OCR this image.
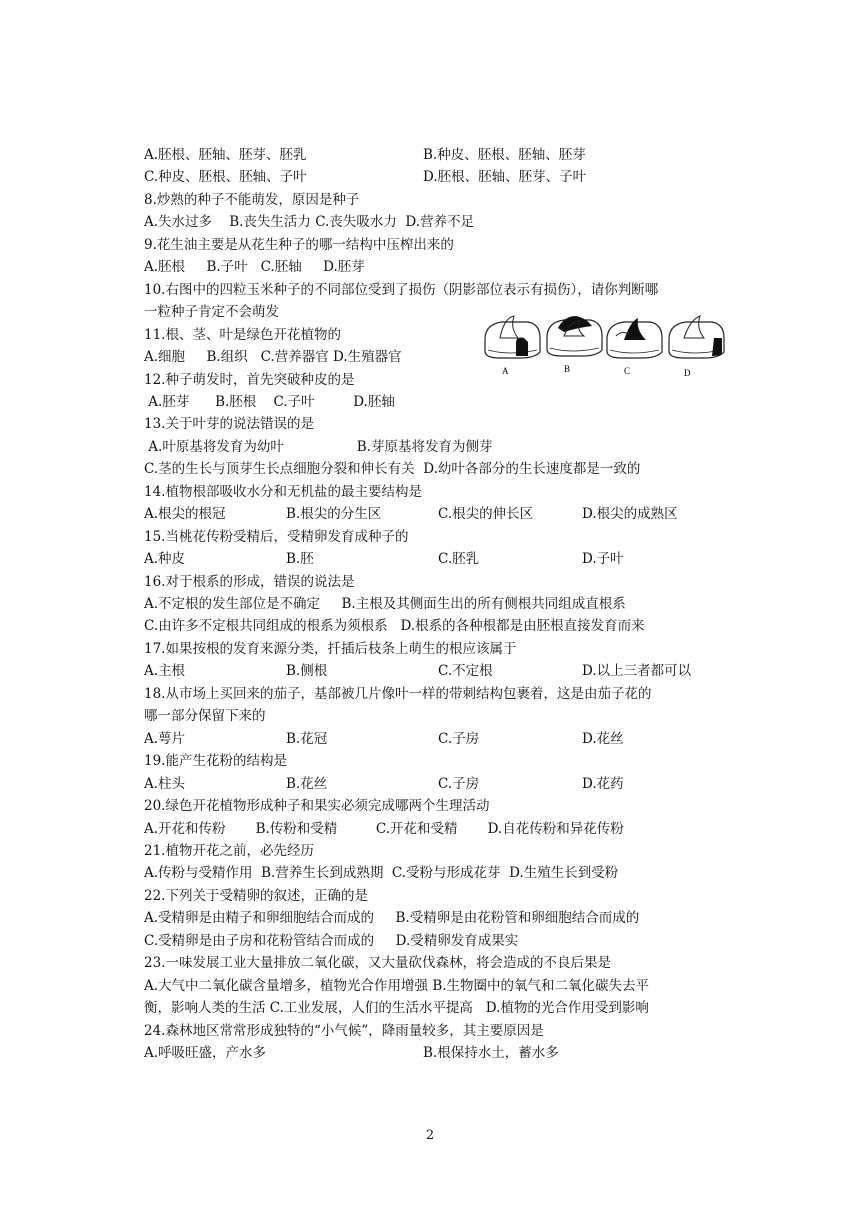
A.胚根、胚轴、胚芽、胚乳	B.种皮、胚根、胚轴、胚芽
C.种皮、胚根、胚轴、子叶	D.胚根、胚轴、胚芽、子叶
8.炒熟的种子不能萌发，原因是种子
A.失水过多    B.丧失生活力 C.丧失吸水力  D.营养不足
9.花生油主要是从花生种子的哪一结构中压榨出来的
A.胚根     B.子叶   C.胚轴     D.胚芽
10.右图中的四粒玉米种子的不同部位受到了损伤（阴影部位表示有损伤），请你判断哪
一粒种子肯定不会萌发
11.根、茎、叶是绿色开花植物的
A.细胞     B.组织   C.营养器官 D.生殖器官
12.种子萌发时，首先突破种皮的是
A.胚芽      B.胚根    C.子叶         D.胚轴
13.关于叶芽的说法错误的是
A.叶原基将发育为幼叶                 B.芽原基将发育为侧芽
C.茎的生长与顶芽生长点细胞分裂和伸长有关  D.幼叶各部分的生长速度都是一致的
14.植物根部吸收水分和无机盐的最主要结构是
A.根尖的根冠	B.根尖的分生区	C.根尖的伸长区	D.根尖的成熟区
15.当桃花传粉受精后，受精卵发育成种子的
A.种皮	B.胚	C.胚乳	D.子叶
16.对于根系的形成，错误的说法是
A.不定根的发生部位是不确定     B.主根及其侧面生出的所有侧根共同组成直根系
C.由许多不定根共同组成的根系为须根系   D.根系的各种根都是由胚根直接发育而来
17.如果按根的发育来源分类，扦插后枝条上萌生的根应该属于
A.主根	B.侧根	C.不定根	D.以上三者都可以
18.从市场上买回来的茄子，基部被几片像叶一样的带刺结构包裹着，这是由茄子花的
哪一部分保留下来的
A.萼片	B.花冠	C.子房	D.花丝
19.能产生花粉的结构是
A.柱头	B.花丝	C.子房	D.花药
20.绿色开花植物形成种子和果实必须完成哪两个生理活动
A.开花和传粉       B.传粉和受精         C.开花和受精       D.自花传粉和异花传粉
21.植物开花之前，必先经历
A.传粉与受精作用  B.营养生长到成熟期  C.受粉与形成花芽  D.生殖生长到受粉
22.下列关于受精卵的叙述，正确的是
A.受精卵是由精子和卵细胞结合而成的     B.受精卵是由花粉管和卵细胞结合而成的
C.受精卵是由子房和花粉管结合而成的     D.受精卵发育成果实
23.一味发展工业大量排放二氧化碳，又大量砍伐森林，将会造成的不良后果是
A.大气中二氧化碳含量增多，植物光合作用增强 B.生物圈中的氧气和二氧化碳失去平
衡，影响人类的生活 C.工业发展，人们的生活水平提高   D.植物的光合作用受到影响
24.森林地区常常形成独特的“小气候”，降雨量较多，其主要原因是
A.呼吸旺盛，产水多	B.根保持水土，蓄水多
A	B	C	D
2
